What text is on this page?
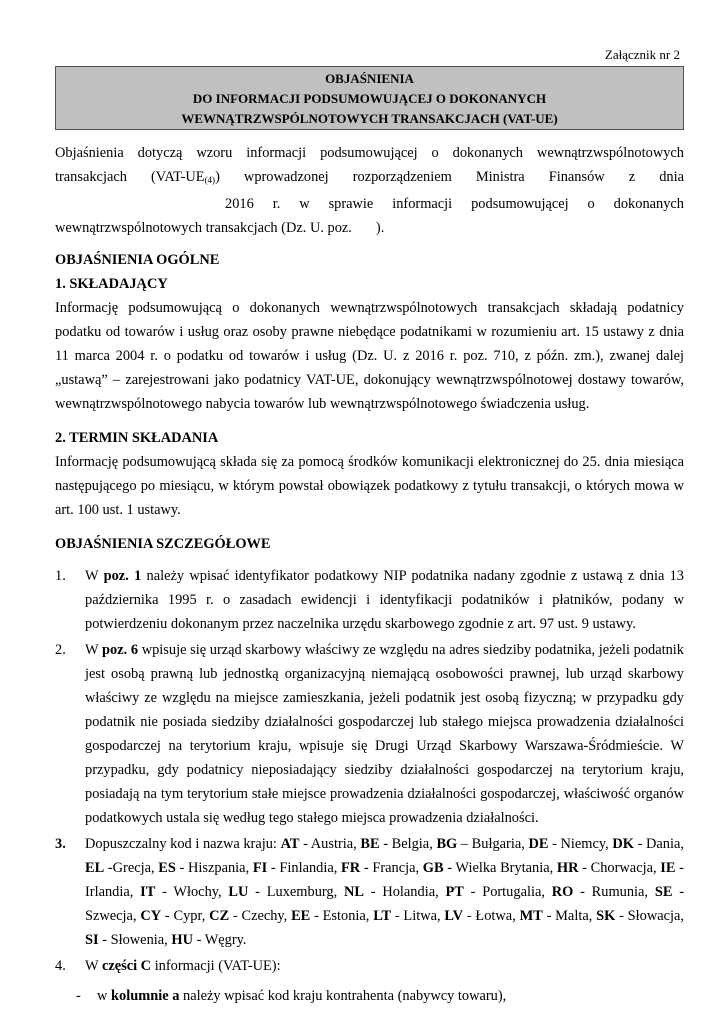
Załącznik nr 2
OBJAŚNIENIA
DO INFORMACJI PODSUMOWUJĄCEJ O DOKONANYCH
WEWNĄTRZWSPÓLNOTOWYCH TRANSAKCJACH (VAT-UE)

Objaśnienia dotyczą wzoru informacji podsumowującej o dokonanych wewnątrzwspólnotowych transakcjach $(VAT-UE_{(4)})$ wprowadzonej rozporządzeniem Ministra Finansów z dnia2016 r. w sprawie informacji podsumowującej o dokonanych wewnątrzwspólnotowych transakcjach (Dz. U. poz. ).

OBJAŚNIENIA OGÓLNE
1. SKŁADAJĄCY

Informację podsumowującą o dokonanych wewnątrzwspólnotowych transakcjach składają podatnicy podatku od towarów i usług oraz osoby prawne niebędące podatnikami w rozumieniu art. 15 ustawy z dnia 11 marca 2004 r. o podatku od towarów i usług (Dz. U. z 2016 r. poz. 710, z późn. zm.), zwanej dalej „ustawą” – zarejestrowani jako podatnicy VAT-UE, dokonujący wewnątrzwspólnotowej dostawy towarów, wewnątrzwspólnotowego nabycia towarów lub wewnątrzwspólnotowego świadczenia usług.

2. TERMIN SKŁADANIA

Informację podsumowującą składa się za pomocą środków komunikacji elektronicznej do 25. dnia miesiąca następującego po miesiącu, w którym powstał obowiązek podatkowy z tytułu transakcji, o których mowa w art. 100 ust. 1 ustawy.

OBJAŚNIENIA SZCZEGÓŁOWE
1. W poz. 1 należy wpisać identyfikator podatkowy NIP podatnika nadany zgodnie z ustawą z dnia 13 października 1995 r. o zasadach ewidencji i identyfikacji podatników i płatników, podany w potwierdzeniu dokonanym przez naczelnika urzędu skarbowego zgodnie z art. 97 ust. 9 ustawy.
2. W poz. 6 wpisuje się urząd skarbowy właściwy ze względu na adres siedziby podatnika, jeżeli podatnik jest osobą prawną lub jednostką organizacyjną niemającą osobowości prawnej, lub urząd skarbowy właściwy ze względu na miejsce zamieszkania, jeżeli podatnik jest osobą fizyczną; w przypadku gdy podatnik nie posiada siedziby działalności gospodarczej lub stałego miejsca prowadzenia działalności gospodarczej na terytorium kraju, wpisuje się Drugi Urząd Skarbowy Warszawa-Śródmieście. W przypadku, gdy podatnicy nieposiadający siedziby działalności gospodarczej na terytorium kraju, posiadają na tym terytorium stałe miejsce prowadzenia działalności gospodarczej, właściwość organów podatkowych ustala się według tego stałego miejsca prowadzenia działalności.
3. Dopuszczalny kod i nazwa kraju: AT - Austria, BE - Belgia, BG – Bułgaria, DE - Niemcy, DK - Dania, EL -Grecja, ES - Hiszpania, FI - Finlandia, FR - Francja, GB - Wielka Brytania, HR - Chorwacja, IE - Irlandia, IT - Włochy, LU - Luxemburg, NL - Holandia, PT - Portugalia, RO - Rumunia, SE - Szwecja, CY - Cypr, CZ - Czechy, EE - Estonia, LT - Litwa, LV - Łotwa, MT - Malta, SK - Słowacja, SI - Słowenia, HU - Węgry.
4. W części C informacji (VAT-UE):
- w kolumnie a należy wpisać kod kraju kontrahenta (nabywcy towaru),
